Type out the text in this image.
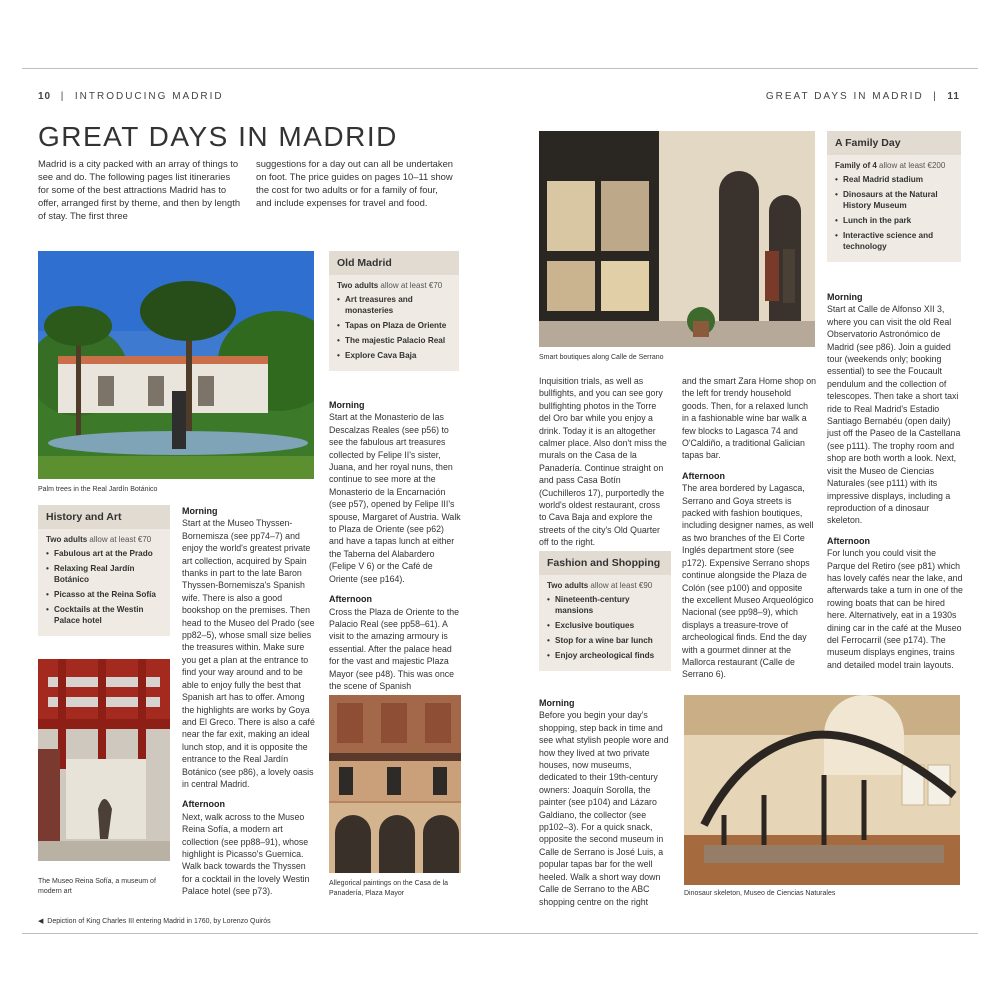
10 | INTRODUCING MADRID	GREAT DAYS IN MADRID | 11
GREAT DAYS IN MADRID

Madrid is a city packed with an array of things to see and do. The following pages list itineraries for some of the best attractions Madrid has to offer, arranged first by theme, and then by length of stay. The first three

suggestions for a day out can all be undertaken on foot. The price guides on pages 10–11 show the cost for two adults or for a family of four, and include expenses for travel and food.

Palm trees in the Real Jardín Botánico
Old Madrid
Two adults allow at least €70
• Art treasures and monasteries
• Tapas on Plaza de Oriente
• The majestic Palacio Real
• Explore Cava Baja
Morning

Start at the Monasterio de las Descalzas Reales (see p56) to see the fabulous art treasures collected by Felipe II's sister, Juana, and her royal nuns, then continue to see more at the Monasterio de la Encarnación (see p57), opened by Felipe III's spouse, Margaret of Austria. Walk to Plaza de Oriente (see p62) and have a tapas lunch at either the Taberna del Alabardero (Felipe V 6) or the Café de Oriente (see p164).

Afternoon

Cross the Plaza de Oriente to the Palacio Real (see pp58–61). A visit to the amazing armoury is essential. After the palace head for the vast and majestic Plaza Mayor (see p48). This was once the scene of Spanish

History and Art
Two adults allow at least €70
• Fabulous art at the Prado
• Relaxing Real Jardín Botánico
• Picasso at the Reina Sofía
• Cocktails at the Westin Palace hotel
Morning

Start at the Museo Thyssen-Bornemisza (see pp74–7) and enjoy the world's greatest private art collection, acquired by Spain thanks in part to the late Baron Thyssen-Bornemisza's Spanish wife. There is also a good bookshop on the premises. Then head to the Museo del Prado (see pp82–5), whose small size belies the treasures within. Make sure you get a plan at the entrance to find your way around and to be able to enjoy fully the best that Spanish art has to offer. Among the highlights are works by Goya and El Greco. There is also a café near the far exit, making an ideal lunch stop, and it is opposite the entrance to the Real Jardín Botánico (see p86), a lovely oasis in central Madrid.

Afternoon

Next, walk across to the Museo Reina Sofía, a modern art collection (see pp88–91), whose highlight is Picasso's Guernica. Walk back towards the Thyssen for a cocktail in the lovely Westin Palace hotel (see p73).

The Museo Reina Sofía, a museum of modern art
Allegorical paintings on the Casa de la Panadería, Plaza Mayor
◀ Depiction of King Charles III entering Madrid in 1760, by Lorenzo Quirós
Smart boutiques along Calle de Serrano

Inquisition trials, as well as bullfights, and you can see gory bullfighting photos in the Torre del Oro bar while you enjoy a drink. Today it is an altogether calmer place. Also don't miss the murals on the Casa de la Panadería. Continue straight on and pass Casa Botín (Cuchilleros 17), purportedly the world's oldest restaurant, cross to Cava Baja and explore the streets of the city's Old Quarter off to the right.

and the smart Zara Home shop on the left for trendy household goods. Then, for a relaxed lunch in a fashionable wine bar walk a few blocks to Lagasca 74 and O'Caldiño, a traditional Galician tapas bar.

Afternoon

The area bordered by Lagasca, Serrano and Goya streets is packed with fashion boutiques, including designer names, as well as two branches of the El Corte Inglés department store (see p172). Expensive Serrano shops continue alongside the Plaza de Colón (see p100) and opposite the excellent Museo Arqueológico Nacional (see pp98–9), which displays a treasure-trove of archeological finds. End the day with a gourmet dinner at the Mallorca restaurant (Calle de Serrano 6).

Fashion and Shopping
Two adults allow at least €90
• Nineteenth-century mansions
• Exclusive boutiques
• Stop for a wine bar lunch
• Enjoy archeological finds
Morning

Before you begin your day's shopping, step back in time and see what stylish people wore and how they lived at two private houses, now museums, dedicated to their 19th-century owners: Joaquín Sorolla, the painter (see p104) and Lázaro Galdiano, the collector (see pp102–3). For a quick snack, opposite the second museum in Calle de Serrano is José Luis, a popular tapas bar for the well heeled. Walk a short way down Calle de Serrano to the ABC shopping centre on the right

A Family Day
Family of 4 allow at least €200
• Real Madrid stadium
• Dinosaurs at the Natural History Museum
• Lunch in the park
• Interactive science and technology
Morning

Start at Calle de Alfonso XII 3, where you can visit the old Real Observatorio Astronómico de Madrid (see p86). Join a guided tour (weekends only; booking essential) to see the Foucault pendulum and the collection of telescopes. Then take a short taxi ride to Real Madrid's Estadio Santiago Bernabéu (open daily) just off the Paseo de la Castellana (see p111). The trophy room and shop are both worth a look. Next, visit the Museo de Ciencias Naturales (see p111) with its impressive displays, including a reproduction of a dinosaur skeleton.

Afternoon

For lunch you could visit the Parque del Retiro (see p81) which has lovely cafés near the lake, and afterwards take a turn in one of the rowing boats that can be hired here. Alternatively, eat in a 1930s dining car in the café at the Museo del Ferrocarril (see p174). The museum displays engines, trains and detailed model train layouts.

Dinosaur skeleton, Museo de Ciencias Naturales
